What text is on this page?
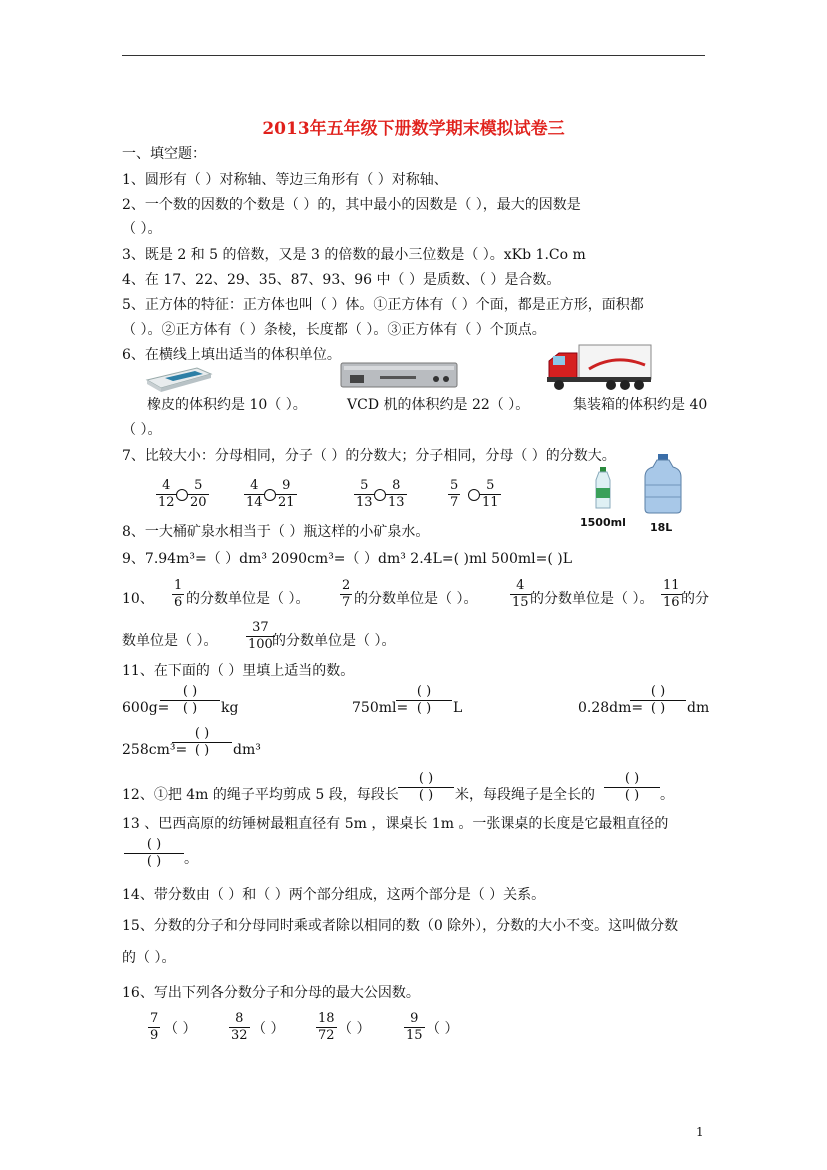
2013年五年级下册数学期末模拟试卷三
一、填空题：
1、圆形有（ ）对称轴、等边三角形有（ ）对称轴、
2、一个数的因数的个数是（ ）的，其中最小的因数是（ ），最大的因数是
（ ）。
3、既是 2 和 5 的倍数，又是 3 的倍数的最小三位数是（ ）。xKb 1.Co m
4、在 17、22、29、35、87、93、96 中（ ）是质数、（ ）是合数。
5、正方体的特征：正方体也叫（ ）体。①正方体有（ ）个面，都是正方形，面积都
（ ）。②正方体有（ ）条棱，长度都（ ）。③正方体有（ ）个顶点。
6、在横线上填出适当的体积单位。
橡皮的体积约是 10（ ）。	VCD 机的体积约是 22（ ）。	集装箱的体积约是 40
（ ）。
7、比较大小：分母相同，分子（ ）的分数大；分子相同，分母（ ）的分数大。
$\frac{4}{12} \frac{5}{20}$	$\frac{4}{14} \frac{9}{21}$	$\frac{5}{13} \frac{8}{13}$	$\frac{5}{7} \frac{5}{11}$
1500ml 18L
8、一大桶矿泉水相当于（ ）瓶这样的小矿泉水。
9、7.94m³=（ ）dm³ 2090cm³=（ ）dm³ 2.4L=( )ml 500ml=( )L
10、 $\frac{1}{6}$ 的分数单位是（ ）。 $\frac{2}{7}$ 的分数单位是（ ）。	$\frac{4}{15}$ 的分数单位是（ ）。 $\frac{11}{16}$ 的分
数单位是（ ）。 $\frac{37}{100}$
的分数单位是（ ）。
11、在下面的（ ）里填上适当的数。
600g=
( )
( )	kg	750ml=
( )
( )	L	0.28dm=
( )
( )	dm
258cm³=
( )
( )	dm³
12、①把 4m 的绳子平均剪成 5 段，每段长
( )
( )	米，每段绳子是全长的
( )
( )	。
13 、巴西高原的纺锤树最粗直径有 5m ，课桌长 1m 。一张课桌的长度是它最粗直径的
( )
( )	。
14、带分数由（ ）和（ ）两个部分组成，这两个部分是（ ）关系。
15、分数的分子和分母同时乘或者除以相同的数（0 除外），分数的大小不变。这叫做分数
的（ ）。
16、写出下列各分数分子和分母的最大公因数。
$\frac{7}{9}$ （ ）	$\frac{8}{32}$ （ ） $\frac{18}{72}$ （ ）	$\frac{9}{15}$ （ ）
1
